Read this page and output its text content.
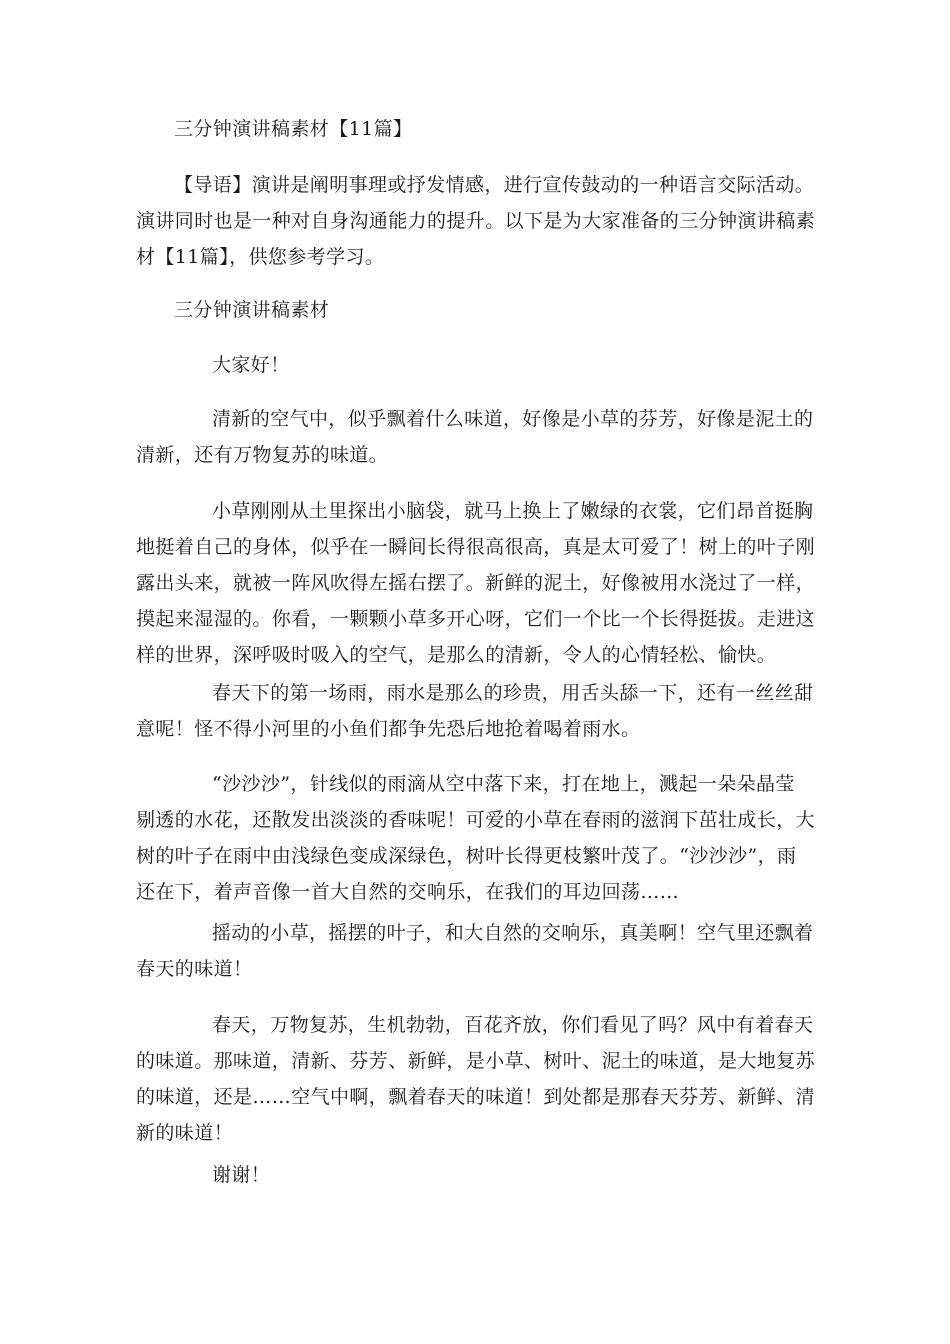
三分钟演讲稿素材【11篇】
【导语】演讲是阐明事理或抒发情感，进行宣传鼓动的一种语言交际活动。
演讲同时也是一种对自身沟通能力的提升。以下是为大家准备的三分钟演讲稿素
材【11篇】，供您参考学习。
三分钟演讲稿素材
大家好！
清新的空气中，似乎飘着什么味道，好像是小草的芬芳，好像是泥土的
清新，还有万物复苏的味道。
小草刚刚从土里探出小脑袋，就马上换上了嫩绿的衣裳，它们昂首挺胸
地挺着自己的身体，似乎在一瞬间长得很高很高，真是太可爱了！树上的叶子刚
露出头来，就被一阵风吹得左摇右摆了。新鲜的泥土，好像被用水浇过了一样，
摸起来湿湿的。你看，一颗颗小草多开心呀，它们一个比一个长得挺拔。走进这
样的世界，深呼吸时吸入的空气，是那么的清新，令人的心情轻松、愉快。
春天下的第一场雨，雨水是那么的珍贵，用舌头舔一下，还有一丝丝甜
意呢！怪不得小河里的小鱼们都争先恐后地抢着喝着雨水。
“沙沙沙”，针线似的雨滴从空中落下来，打在地上，溅起一朵朵晶莹
剔透的水花，还散发出淡淡的香味呢！可爱的小草在春雨的滋润下茁壮成长，大
树的叶子在雨中由浅绿色变成深绿色，树叶长得更枝繁叶茂了。“沙沙沙”，雨
还在下，着声音像一首大自然的交响乐，在我们的耳边回荡……
摇动的小草，摇摆的叶子，和大自然的交响乐，真美啊！空气里还飘着
春天的味道！
春天，万物复苏，生机勃勃，百花齐放，你们看见了吗？风中有着春天
的味道。那味道，清新、芬芳、新鲜，是小草、树叶、泥土的味道，是大地复苏
的味道，还是……空气中啊，飘着春天的味道！到处都是那春天芬芳、新鲜、清
新的味道！
谢谢！
